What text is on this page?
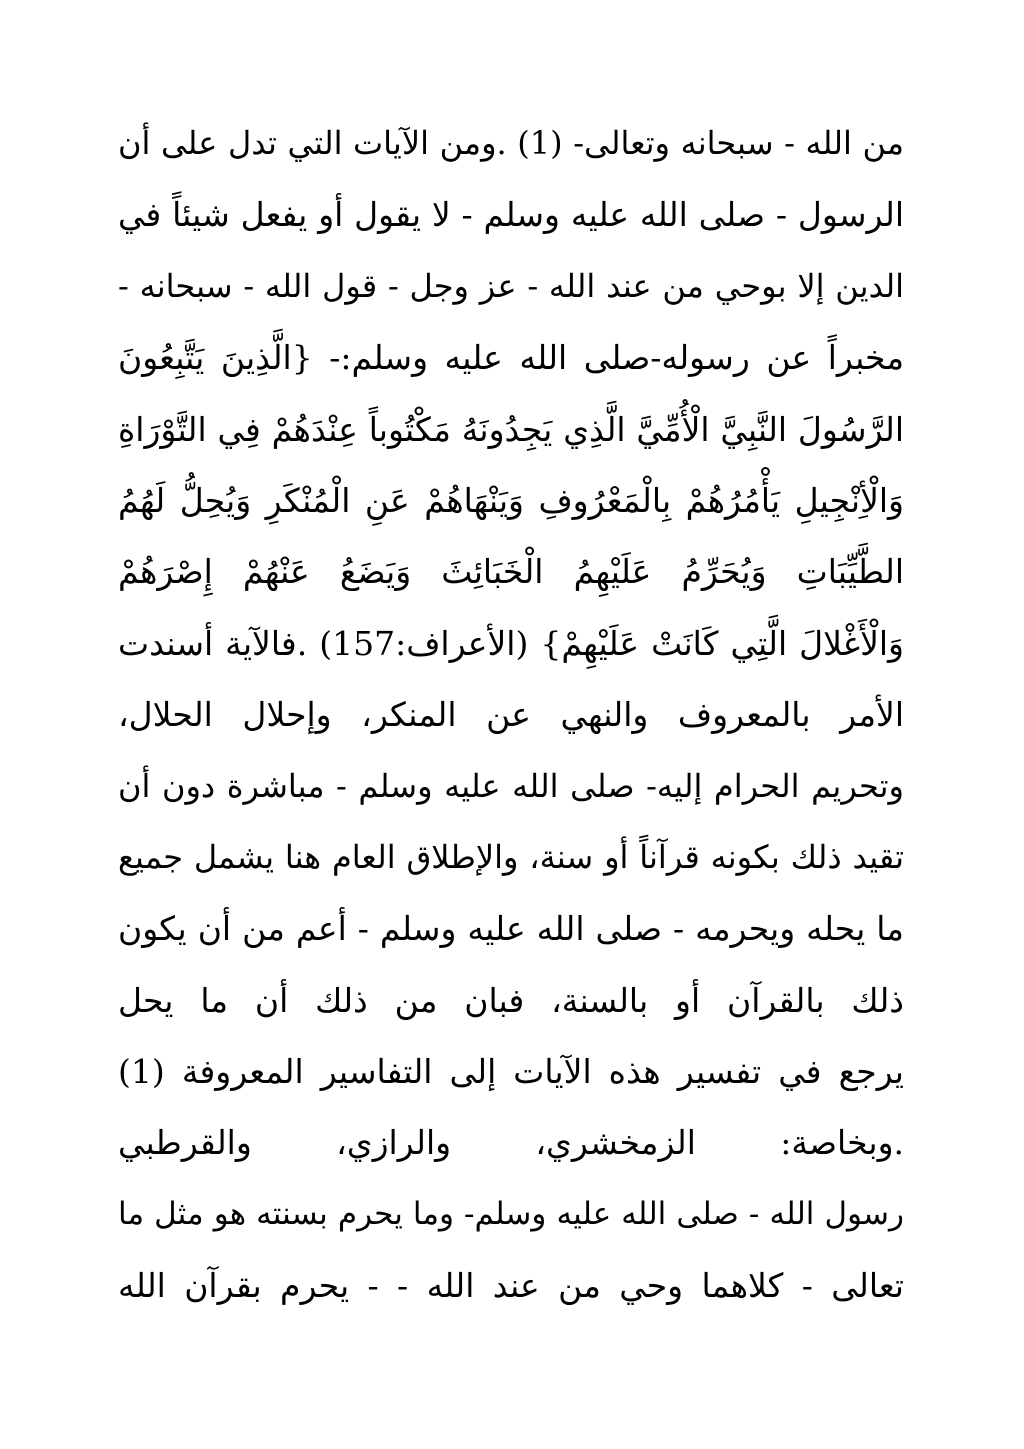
من الله - سبحانه وتعالى- (1) .ومن الآيات التي تدل على أن
الرسول - صلى الله عليه وسلم - لا يقول أو يفعل شيئاً في
الدين إلا بوحي من عند الله - عز وجل - قول الله - سبحانه -
مخبراً عن رسوله-صلى الله عليه وسلم:- {الَّذِينَ يَتَّبِعُونَ
الرَّسُولَ النَّبِيَّ الْأُمِّيَّ الَّذِي يَجِدُونَهُ مَكْتُوباً عِنْدَهُمْ فِي التَّوْرَاةِ
وَالْأِنْجِيلِ يَأْمُرُهُمْ بِالْمَعْرُوفِ وَيَنْهَاهُمْ عَنِ الْمُنْكَرِ وَيُحِلُّ لَهُمُ
الطَّيِّبَاتِ وَيُحَرِّمُ عَلَيْهِمُ الْخَبَائِثَ وَيَضَعُ عَنْهُمْ إِصْرَهُمْ
وَالْأَغْلالَ الَّتِي كَانَتْ عَلَيْهِمْ} (الأعراف:157) .فالآية أسندت
الأمر بالمعروف والنهي عن المنكر، وإحلال الحلال،
وتحريم الحرام إليه- صلى الله عليه وسلم - مباشرة دون أن
تقيد ذلك بكونه قرآناً أو سنة، والإطلاق العام هنا يشمل جميع
ما يحله ويحرمه - صلى الله عليه وسلم - أعم من أن يكون
ذلك بالقرآن أو بالسنة، فبان من ذلك أن ما يحل
يرجع في تفسير هذه الآيات إلى التفاسير المعروفة (1)
.وبخاصة: الزمخشري، والرازي، والقرطبي
رسول الله - صلى الله عليه وسلم- وما يحرم بسنته هو مثل ما
تعالى - كلاهما وحي من عند الله - - يحرم بقرآن الله
